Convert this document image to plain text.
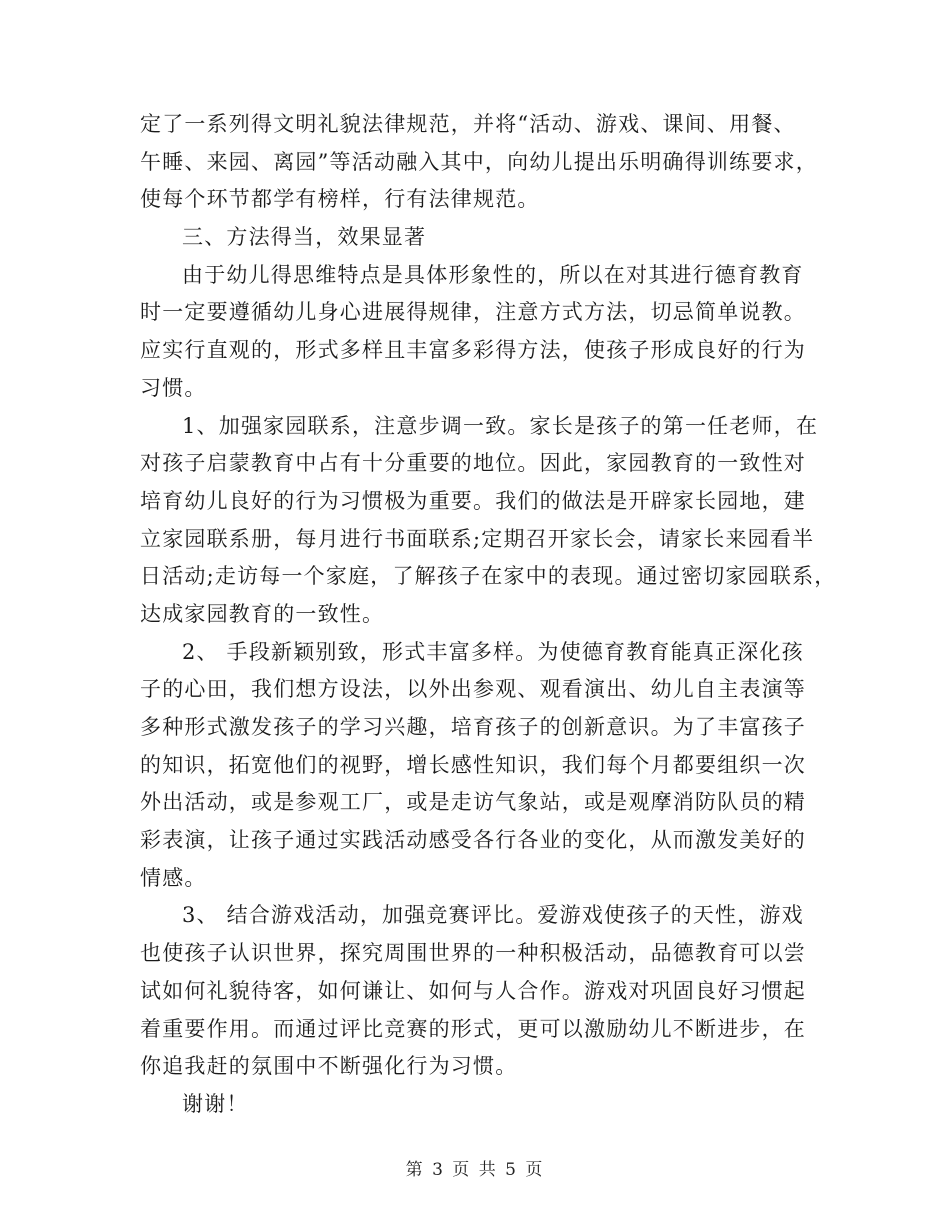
定了一系列得文明礼貌法律规范，并将“活动、游戏、课间、用餐、
午睡、来园、离园”等活动融入其中，向幼儿提出乐明确得训练要求，
使每个环节都学有榜样，行有法律规范。
三、方法得当，效果显著
由于幼儿得思维特点是具体形象性的，所以在对其进行德育教育
时一定要遵循幼儿身心进展得规律，注意方式方法，切忌简单说教。
应实行直观的，形式多样且丰富多彩得方法，使孩子形成良好的行为
习惯。
1、加强家园联系，注意步调一致。家长是孩子的第一任老师，在
对孩子启蒙教育中占有十分重要的地位。因此，家园教育的一致性对
培育幼儿良好的行为习惯极为重要。我们的做法是开辟家长园地，建
立家园联系册，每月进行书面联系;定期召开家长会，请家长来园看半
日活动;走访每一个家庭，了解孩子在家中的表现。通过密切家园联系，
达成家园教育的一致性。
2、 手段新颖别致，形式丰富多样。为使德育教育能真正深化孩
子的心田，我们想方设法，以外出参观、观看演出、幼儿自主表演等
多种形式激发孩子的学习兴趣，培育孩子的创新意识。为了丰富孩子
的知识，拓宽他们的视野，增长感性知识，我们每个月都要组织一次
外出活动，或是参观工厂，或是走访气象站，或是观摩消防队员的精
彩表演，让孩子通过实践活动感受各行各业的变化，从而激发美好的
情感。
3、 结合游戏活动，加强竞赛评比。爱游戏使孩子的天性，游戏
也使孩子认识世界，探究周围世界的一种积极活动，品德教育可以尝
试如何礼貌待客，如何谦让、如何与人合作。游戏对巩固良好习惯起
着重要作用。而通过评比竞赛的形式，更可以激励幼儿不断进步，在
你追我赶的氛围中不断强化行为习惯。
谢谢！
第 3 页 共 5 页
